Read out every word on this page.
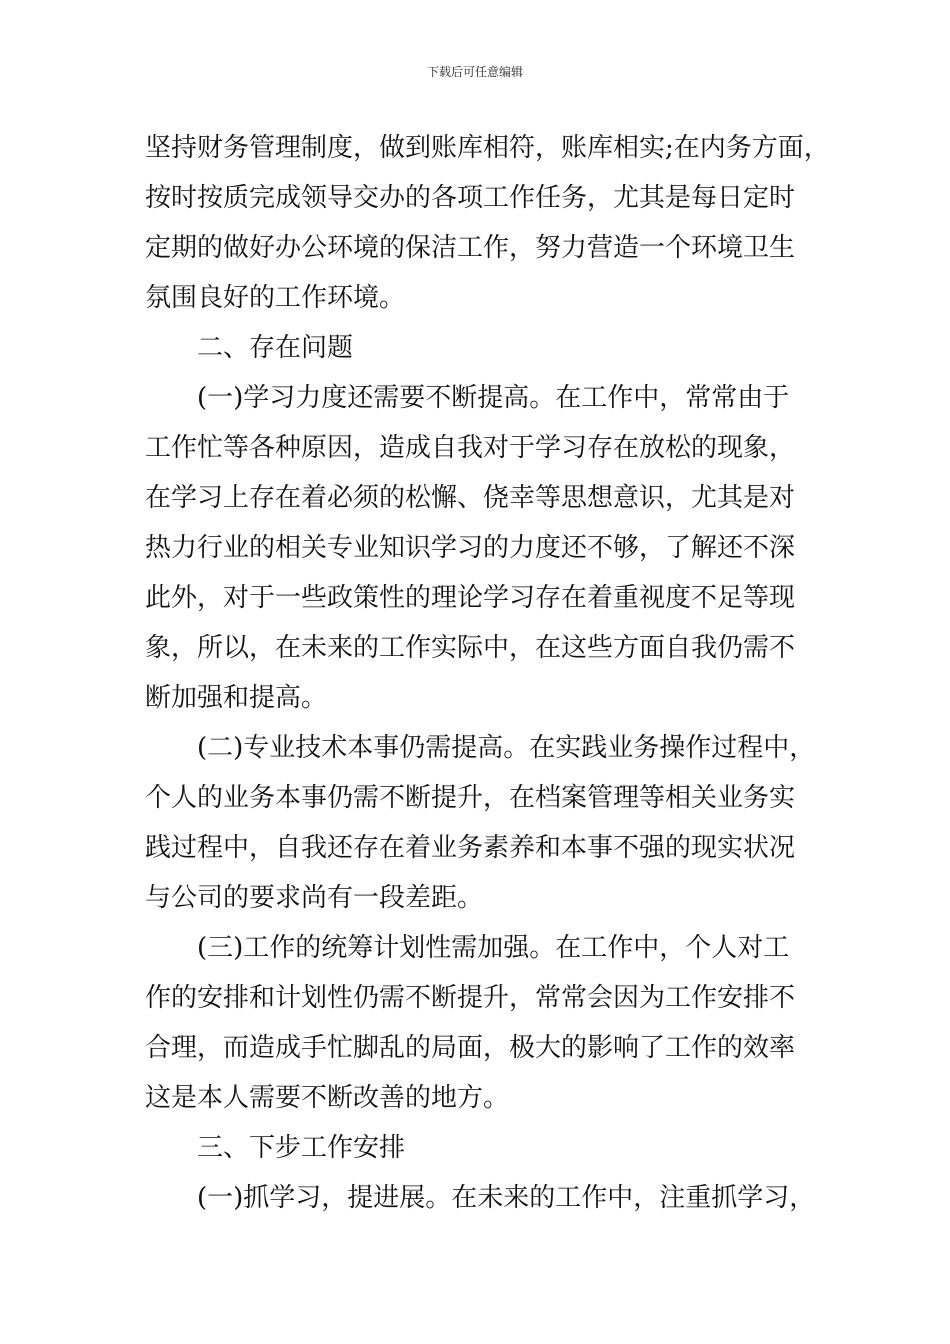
下载后可任意编辑
坚持财务管理制度，做到账库相符，账库相实;在内务方面，
按时按质完成领导交办的各项工作任务，尤其是每日定时
定期的做好办公环境的保洁工作，努力营造一个环境卫生
氛围良好的工作环境。
二、存在问题
(一)学习力度还需要不断提高。在工作中，常常由于
工作忙等各种原因，造成自我对于学习存在放松的现象，
在学习上存在着必须的松懈、侥幸等思想意识，尤其是对
热力行业的相关专业知识学习的力度还不够，了解还不深
此外，对于一些政策性的理论学习存在着重视度不足等现
象，所以，在未来的工作实际中，在这些方面自我仍需不
断加强和提高。
(二)专业技术本事仍需提高。在实践业务操作过程中，
个人的业务本事仍需不断提升，在档案管理等相关业务实
践过程中，自我还存在着业务素养和本事不强的现实状况
与公司的要求尚有一段差距。
(三)工作的统筹计划性需加强。在工作中，个人对工
作的安排和计划性仍需不断提升，常常会因为工作安排不
合理，而造成手忙脚乱的局面，极大的影响了工作的效率
这是本人需要不断改善的地方。
三、下步工作安排
(一)抓学习，提进展。在未来的工作中，注重抓学习，
